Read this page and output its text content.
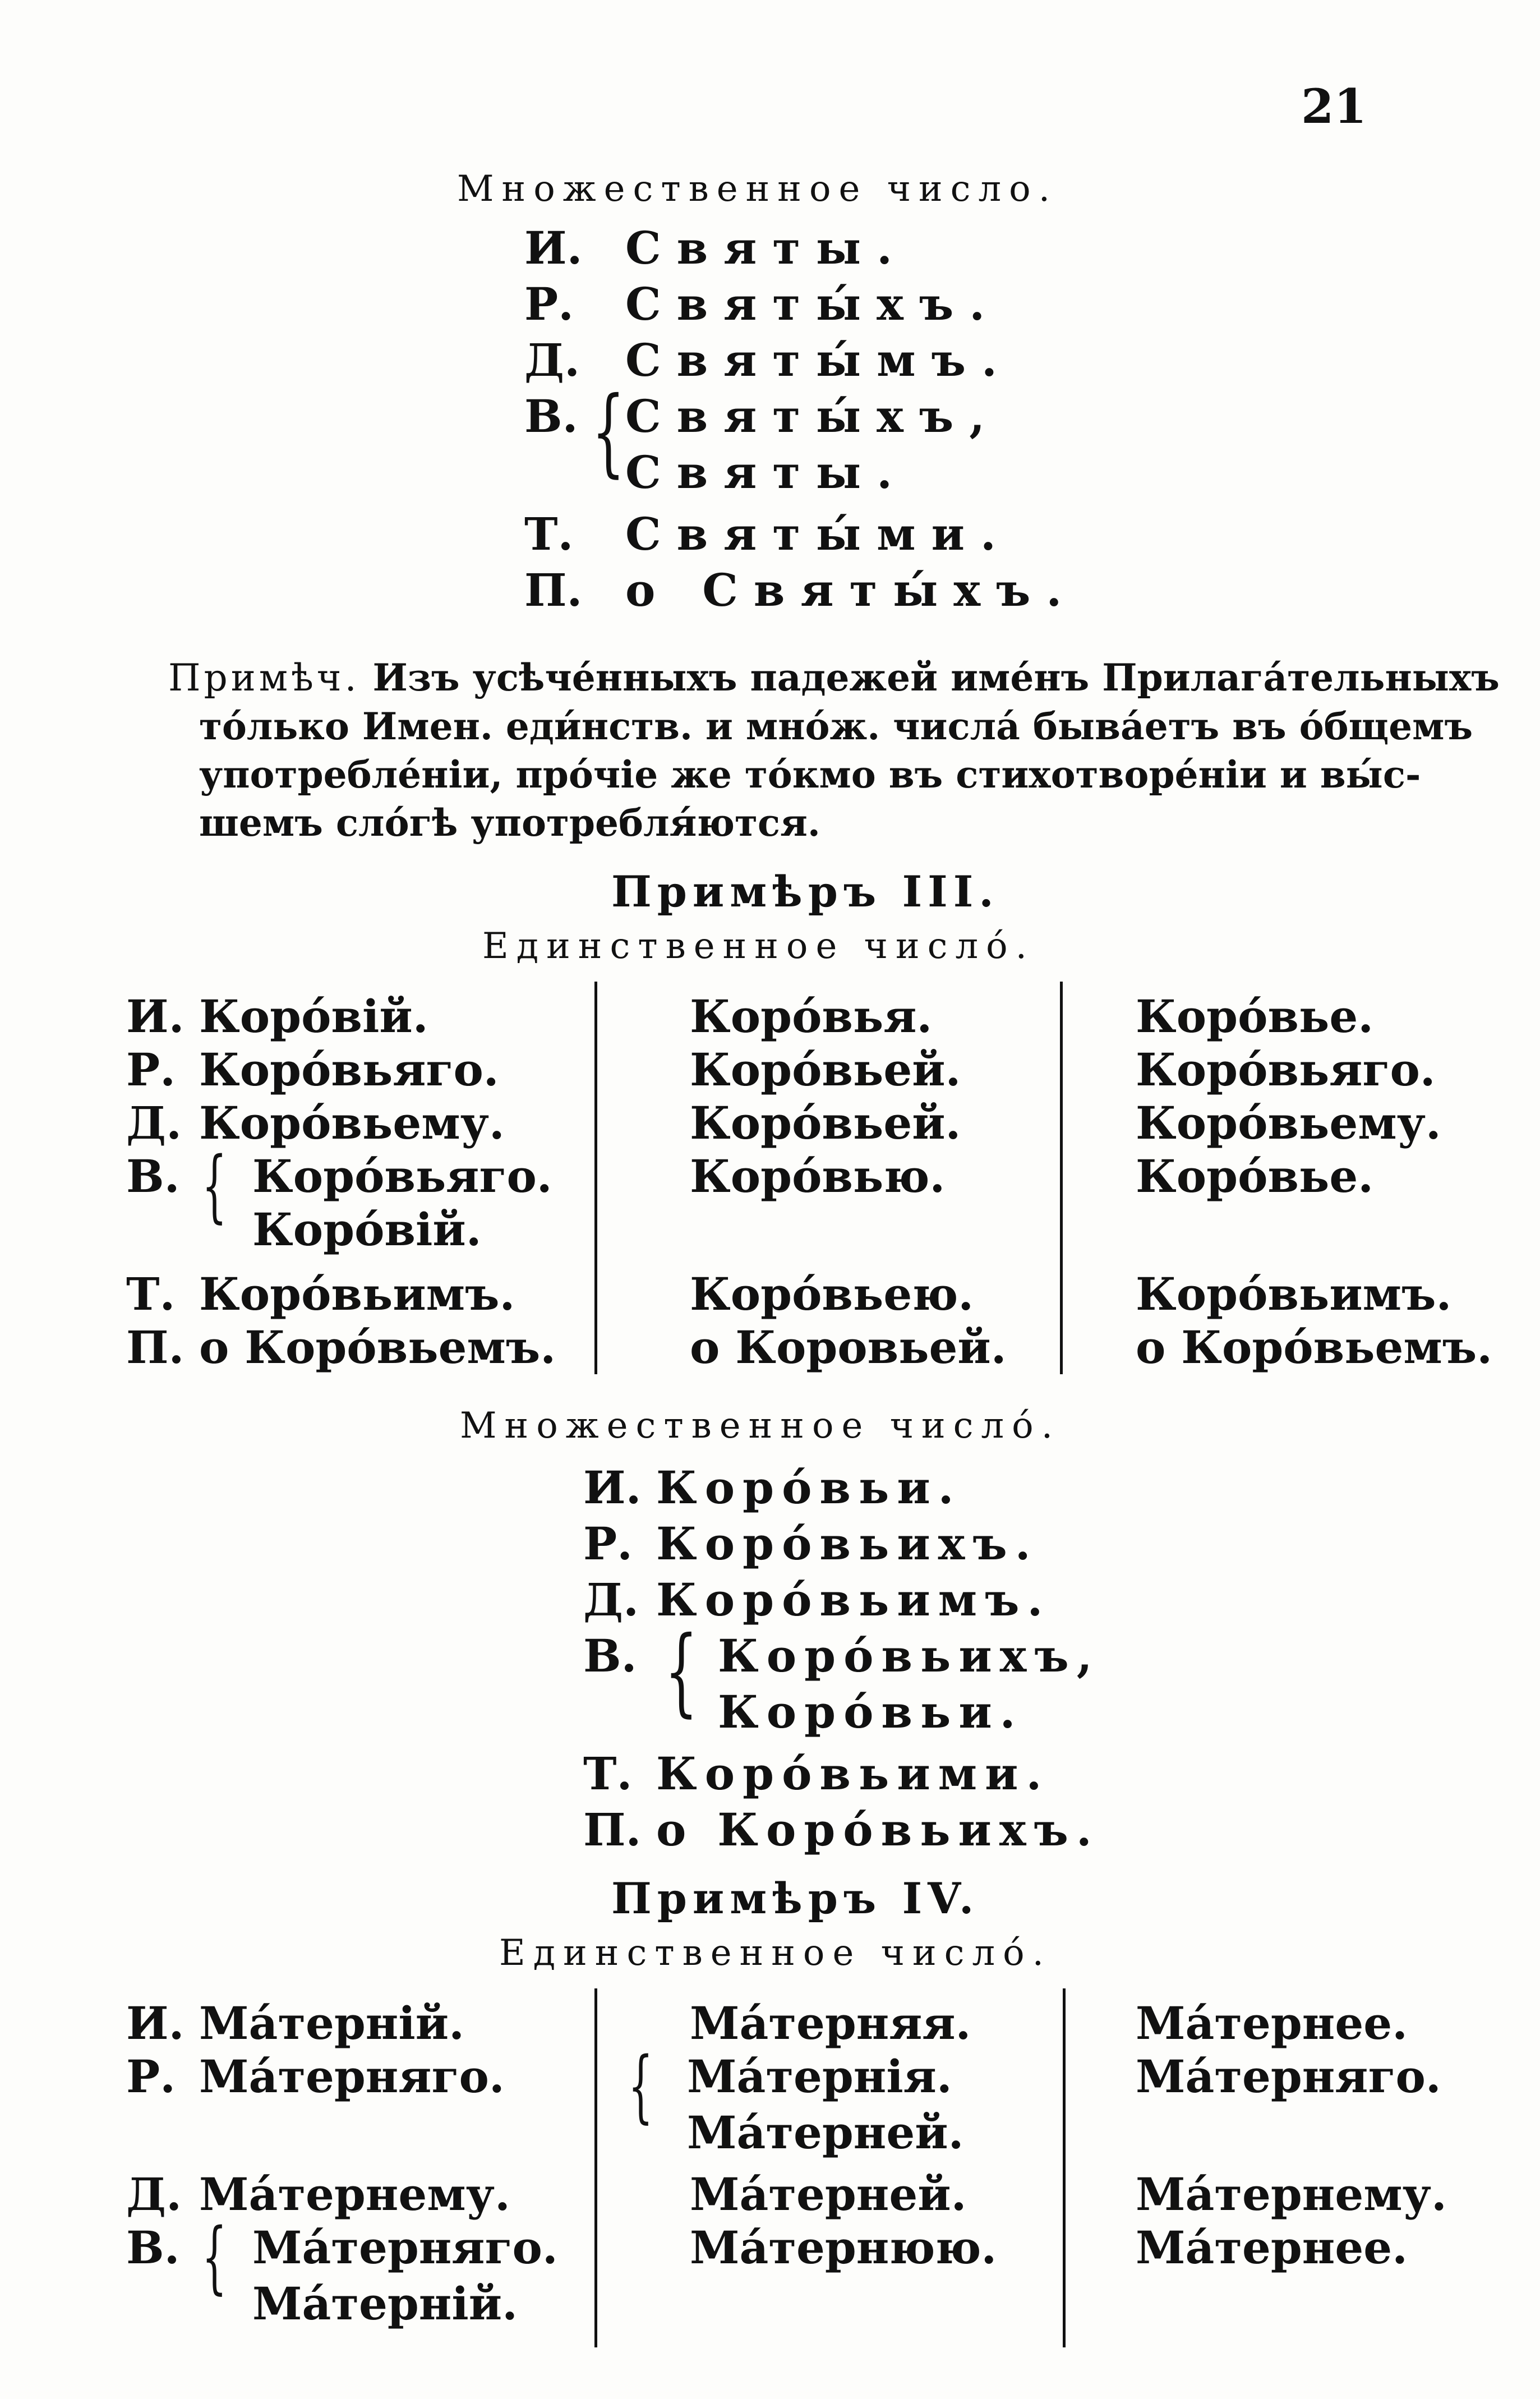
21
Множественное число.
И. Святы.
Р. Святы́хъ.
Д. Святы́мъ.
В. Святы́хъ,
{ Святы.
Т. Святы́ми.
П. о Святы́хъ.
Примѣч. Изъ усѣче́нныхъ падежей име́нъ Прилага́тельныхъ
то́лько Имен. еди́нств. и мно́ж. числа́ быва́етъ въ о́бщемъ
употребле́нiи, про́чiе же то́кмо въ стихотворе́нiи и вы́с-
шемъ сло́гѣ употребля́ются.
Примѣръ III.
Единственное число́.
И. Коро́вiй.
Р. Коро́вьяго.
Д. Коро́вьему.
В. Коро́вьяго.
{ Коро́вiй.
Т. Коро́вьимъ.
П. о Коро́вьемъ.
Коро́вья.
Коро́вьей.
Коро́вьей.
Коро́вью.
Коро́вьею.
о Коровьей.
Коро́вье.
Коро́вьяго.
Коро́вьему.
Коро́вье.
Коро́вьимъ.
о Коро́вьемъ.
Множественное число́.
И. Коро́вьи.
Р. Коро́вьихъ.
Д. Коро́вьимъ.
В. Коро́вьихъ,
{ Коро́вьи.
Т. Коро́вьими.
П. о Коро́вьихъ.
Примѣръ IV.
Единственное число́.
И. Ма́тернiй.
Р. Ма́терняго.
Д. Ма́тернему.
В. Ма́терняго.
{
Ма́тернiй.
Ма́терняя.
Ма́тернiя.
{
Ма́терней.
Ма́терней.
Ма́тернюю.
Ма́тернее.
Ма́терняго.
Ма́тернему.
Ма́тернее.
